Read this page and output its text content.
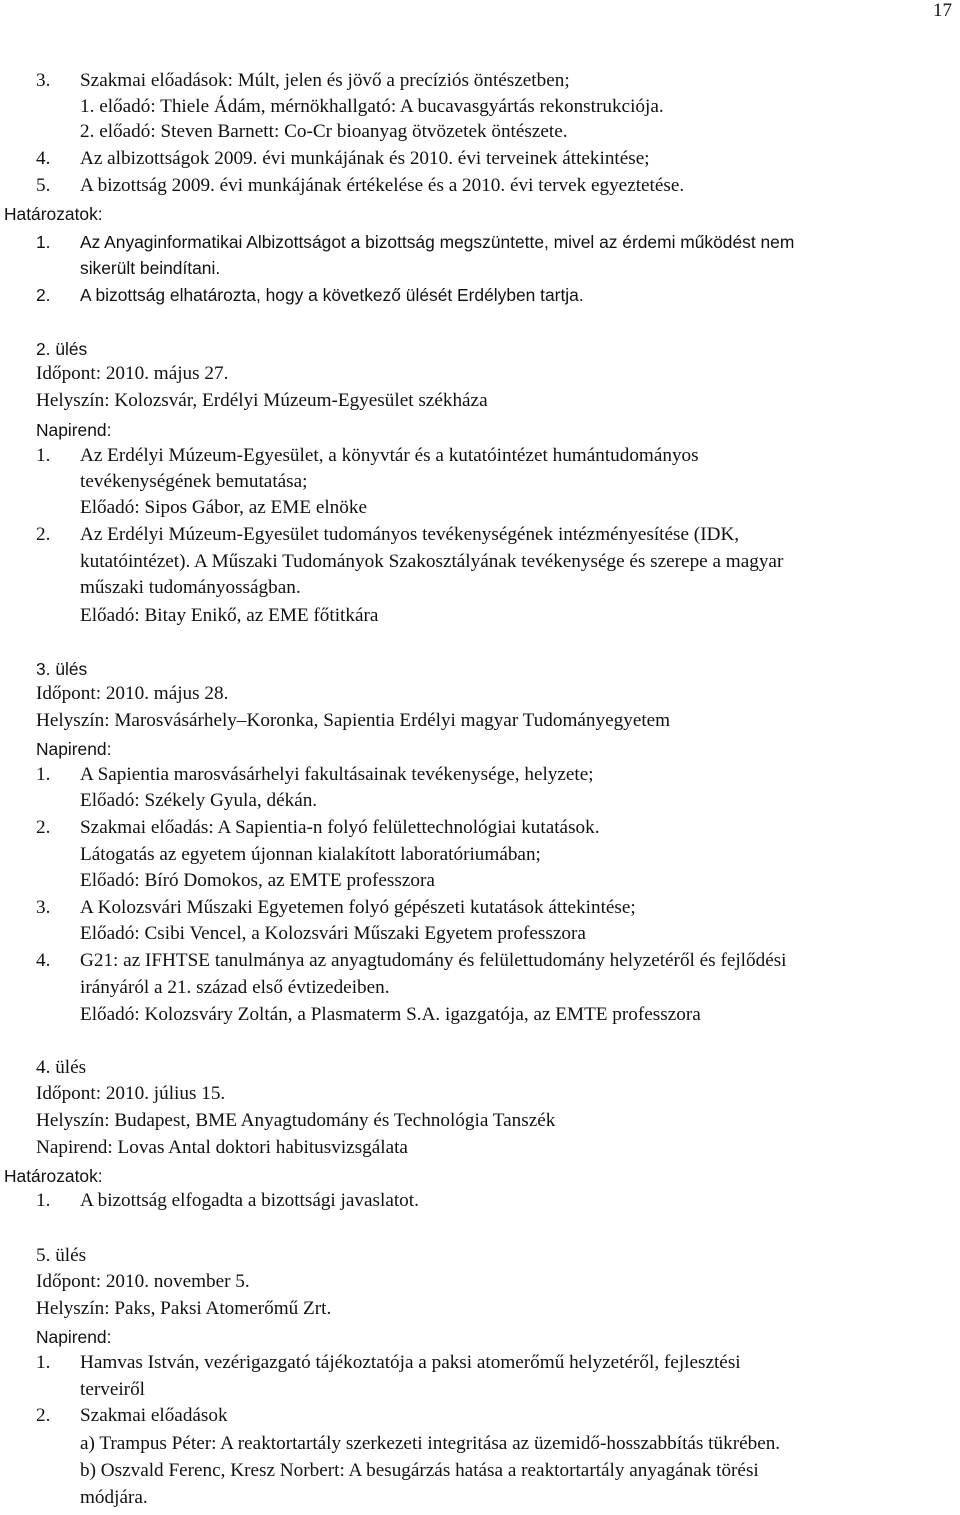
17
3. Szakmai előadások: Múlt, jelen és jövő a precíziós öntészetben;
1. előadó: Thiele Ádám, mérnökhallgató: A bucavasgyártás rekonstrukciója.
2. előadó: Steven Barnett: Co-Cr bioanyag ötvözetek öntészete.
4. Az albizottságok 2009. évi munkájának és 2010. évi terveinek áttekintése;
5. A bizottság 2009. évi munkájának értékelése és a 2010. évi tervek egyeztetése.
Határozatok:
1. Az Anyaginformatikai Albizottságot a bizottság megszüntette, mivel az érdemi működést nem
sikerült beindítani.
2. A bizottság elhatározta, hogy a következő ülését Erdélyben tartja.
2. ülés
Időpont: 2010. május 27.
Helyszín: Kolozsvár, Erdélyi Múzeum-Egyesület székháza
Napirend:
1. Az Erdélyi Múzeum-Egyesület, a könyvtár és a kutatóintézet humántudományos
tevékenységének bemutatása;
Előadó: Sipos Gábor, az EME elnöke
2. Az Erdélyi Múzeum-Egyesület tudományos tevékenységének intézményesítése (IDK,
kutatóintézet). A Műszaki Tudományok Szakosztályának tevékenysége és szerepe a magyar
műszaki tudományosságban.
Előadó: Bitay Enikő, az EME főtitkára
3. ülés
Időpont: 2010. május 28.
Helyszín: Marosvásárhely–Koronka, Sapientia Erdélyi magyar Tudományegyetem
Napirend:
1. A Sapientia marosvásárhelyi fakultásainak tevékenysége, helyzete;
Előadó: Székely Gyula, dékán.
2. Szakmai előadás: A Sapientia-n folyó felülettechnológiai kutatások.
Látogatás az egyetem újonnan kialakított laboratóriumában;
Előadó: Bíró Domokos, az EMTE professzora
3. A Kolozsvári Műszaki Egyetemen folyó gépészeti kutatások áttekintése;
Előadó: Csibi Vencel, a Kolozsvári Műszaki Egyetem professzora
4. G21: az IFHTSE tanulmánya az anyagtudomány és felülettudomány helyzetéről és fejlődési
irányáról a 21. század első évtizedeiben.
Előadó: Kolozsváry Zoltán, a Plasmaterm S.A. igazgatója, az EMTE professzora
4. ülés
Időpont: 2010. július 15.
Helyszín: Budapest, BME Anyagtudomány és Technológia Tanszék
Napirend: Lovas Antal doktori habitusvizsgálata
Határozatok:
1. A bizottság elfogadta a bizottsági javaslatot.
5. ülés
Időpont: 2010. november 5.
Helyszín: Paks, Paksi Atomerőmű Zrt.
Napirend:
1. Hamvas István, vezérigazgató tájékoztatója a paksi atomerőmű helyzetéről, fejlesztési
terveiről
2. Szakmai előadások
a) Trampus Péter: A reaktortartály szerkezeti integritása az üzemidő-hosszabbítás tükrében.
b) Oszvald Ferenc, Kresz Norbert: A besugárzás hatása a reaktortartály anyagának törési
módjára.
